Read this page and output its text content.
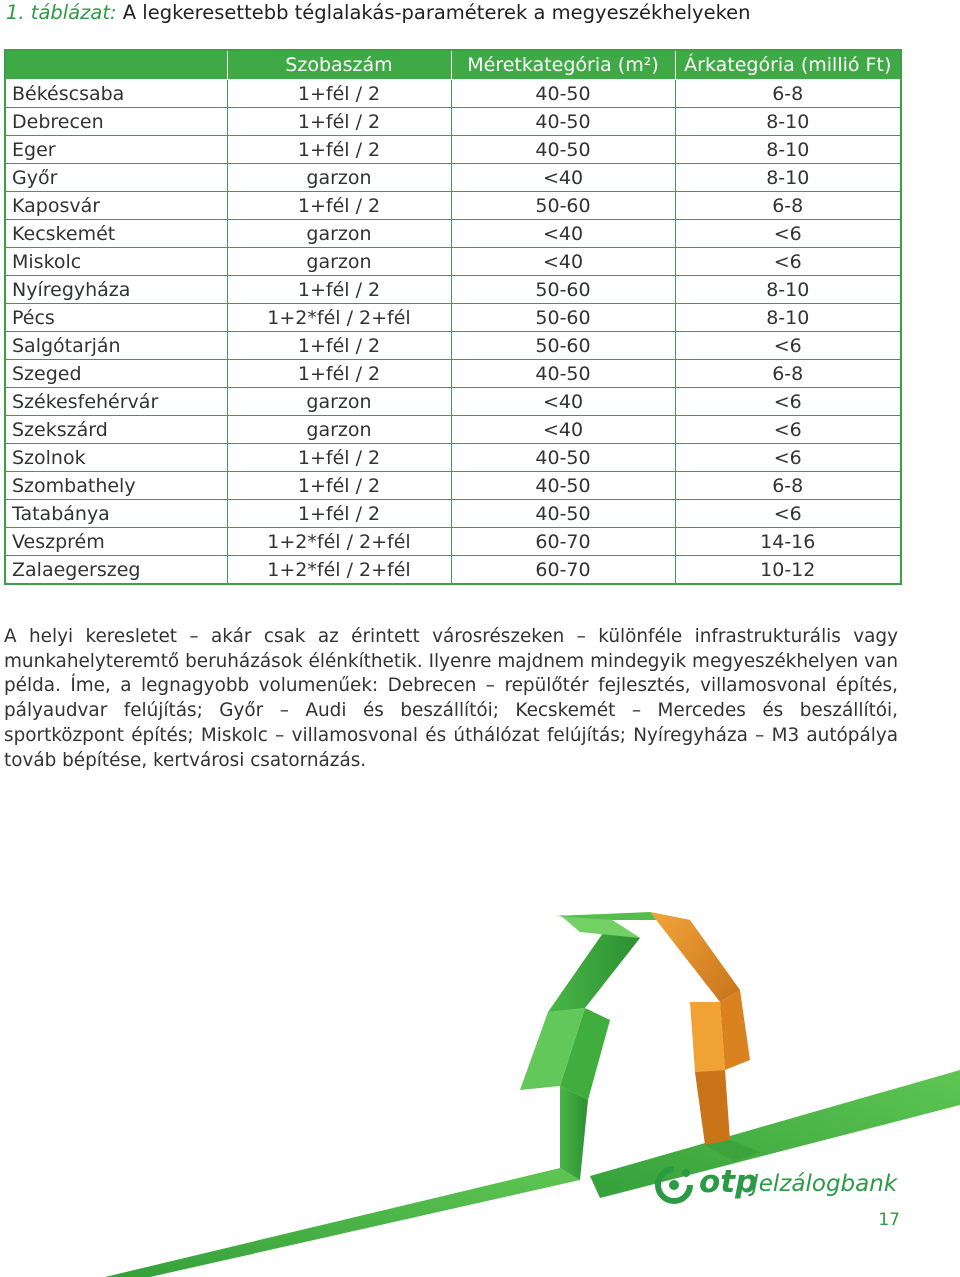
1. táblázat: A legkeresettebb téglalakás-paraméterek a megyeszékhelyeken
	Szobaszám	Méretkategória (m²)	Árkategória (millió Ft)
Békéscsaba	1+fél / 2	40-50	6-8
Debrecen	1+fél / 2	40-50	8-10
Eger	1+fél / 2	40-50	8-10
Győr	garzon	<40	8-10
Kaposvár	1+fél / 2	50-60	6-8
Kecskemét	garzon	<40	<6
Miskolc	garzon	<40	<6
Nyíregyháza	1+fél / 2	50-60	8-10
Pécs	1+2*fél / 2+fél	50-60	8-10
Salgótarján	1+fél / 2	50-60	<6
Szeged	1+fél / 2	40-50	6-8
Székesfehérvár	garzon	<40	<6
Szekszárd	garzon	<40	<6
Szolnok	1+fél / 2	40-50	<6
Szombathely	1+fél / 2	40-50	6-8
Tatabánya	1+fél / 2	40-50	<6
Veszprém	1+2*fél / 2+fél	60-70	14-16
Zalaegerszeg	1+2*fél / 2+fél	60-70	10-12
A helyi keresletet – akár csak az érintett városrészeken – különféle infrastrukturális vagy munkahelyteremtő beruházások élénkíthetik. Ilyenre majdnem mindegyik megyeszékhelyen van példa. Íme, a legnagyobb volumenűek: Debrecen – repülőtér fejlesztés, villamosvonal építés, pályaudvar felújítás; Győr – Audi és beszállítói; Kecskemét – Mercedes és beszállítói, sportközpont építés; Miskolc – villamosvonal és úthálózat felújítás; Nyíregyháza – M3 autópálya továb bépítése, kertvárosi csatornázás.
otp
Jelzálogbank
17
